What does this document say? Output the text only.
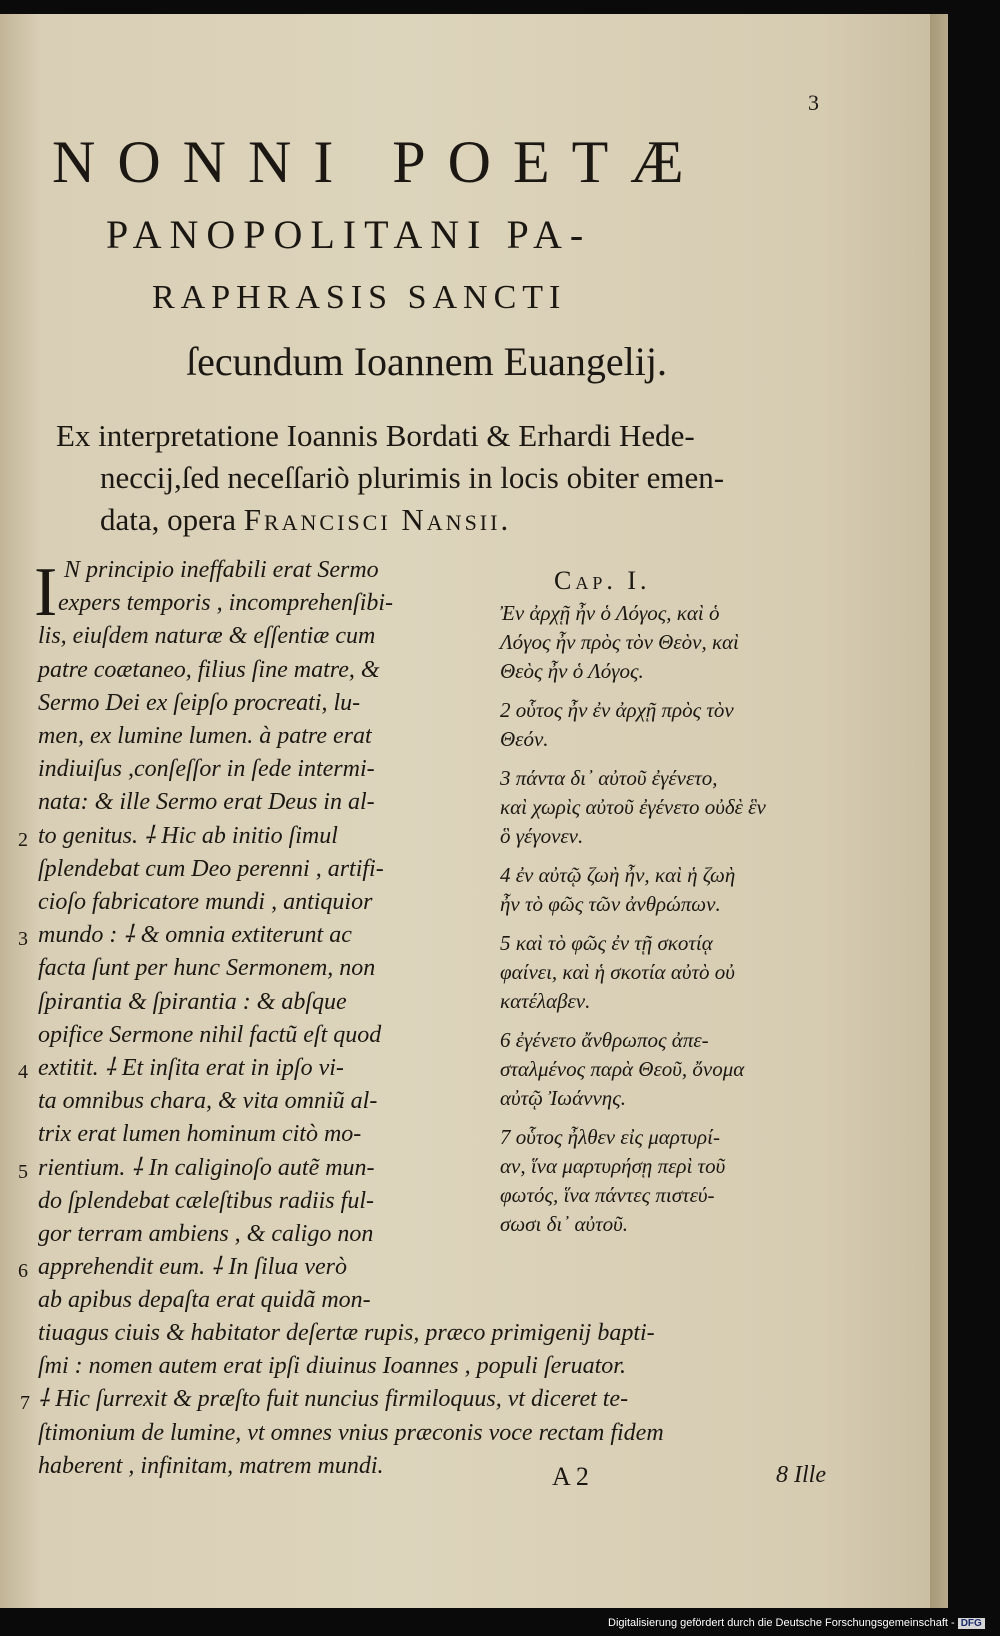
3
NONNI POETÆ
PANOPOLITANI PA-
RAPHRASIS SANCTI
ſecundum Ioannem Euangelij.
Ex interpretatione Ioannis Bordati & Erhardi Hede-
neccij,ſed neceſſariò plurimis in locis obiter emen-
data, opera Francisci Nansii.
I N principio ineffabili erat Sermo
expers temporis , incomprehenſibi-
lis, eiuſdem naturæ & eſſentiæ cum
patre coætaneo, filius ſine matre, &
Sermo Dei ex ſeipſo procreati, lu-
men, ex lumine lumen. à patre erat
indiuiſus ,conſeſſor in ſede intermi-
nata: & ille Sermo erat Deus in al-
to genitus. ⸸ Hic ab initio ſimul
2
ſplendebat cum Deo perenni , artifi-
cioſo fabricatore mundi , antiquior
mundo : ⸸ & omnia extiterunt ac
3
facta ſunt per hunc Sermonem, non
ſpirantia & ſpirantia : & abſque
opifice Sermone nihil factũ eſt quod
extitit. ⸸ Et inſita erat in ipſo vi-
4
ta omnibus chara, & vita omniũ al-
trix erat lumen hominum citò mo-
rientium. ⸸ In caliginoſo autẽ mun-
5
do ſplendebat cæleſtibus radiis ful-
gor terram ambiens , & caligo non
apprehendit eum. ⸸ In ſilua verò
6
ab apibus depaſta erat quidã mon-
tiuagus ciuis & habitator deſertæ rupis, præco primigenij bapti-
ſmi : nomen autem erat ipſi diuinus Ioannes , populi ſeruator.
7 ⸸ Hic ſurrexit & præſto fuit nuncius firmiloquus, vt diceret te-
ſtimonium de lumine, vt omnes vnius præconis voce rectam fidem
haberent , infinitam, matrem mundi.
Cap. I.
Ἐν ἀρχῇ ἦν ὁ Λόγος, καὶ ὁ
Λόγος ἦν πρὸς τὸν Θεὸν, καὶ
Θεὸς ἦν ὁ Λόγος.
2 οὗτος ἦν ἐν ἀρχῇ πρὸς τὸν
Θεόν.
3 πάντα δι᾽ αὐτοῦ ἐγένετο,
καὶ χωρὶς αὐτοῦ ἐγένετο οὐδὲ ἓν
ὃ γέγονεν.
4 ἐν αὐτῷ ζωὴ ἦν, καὶ ἡ ζωὴ
ἦν τὸ φῶς τῶν ἀνθρώπων.
5 καὶ τὸ φῶς ἐν τῇ σκοτίᾳ
φαίνει, καὶ ἡ σκοτία αὐτὸ οὐ
κατέλαβεν.
6 ἐγένετο ἄνθρωπος ἀπε-
σταλμένος παρὰ Θεοῦ, ὄνομα
αὐτῷ Ἰωάννης.
7 οὗτος ἦλθεν εἰς μαρτυρί-
αν, ἵνα μαρτυρήσῃ περὶ τοῦ
φωτός, ἵνα πάντες πιστεύ-
σωσι δι᾽ αὐτοῦ.
A 2	8 Ille
Digitalisierung gefördert durch die Deutsche Forschungsgemeinschaft - DFG
